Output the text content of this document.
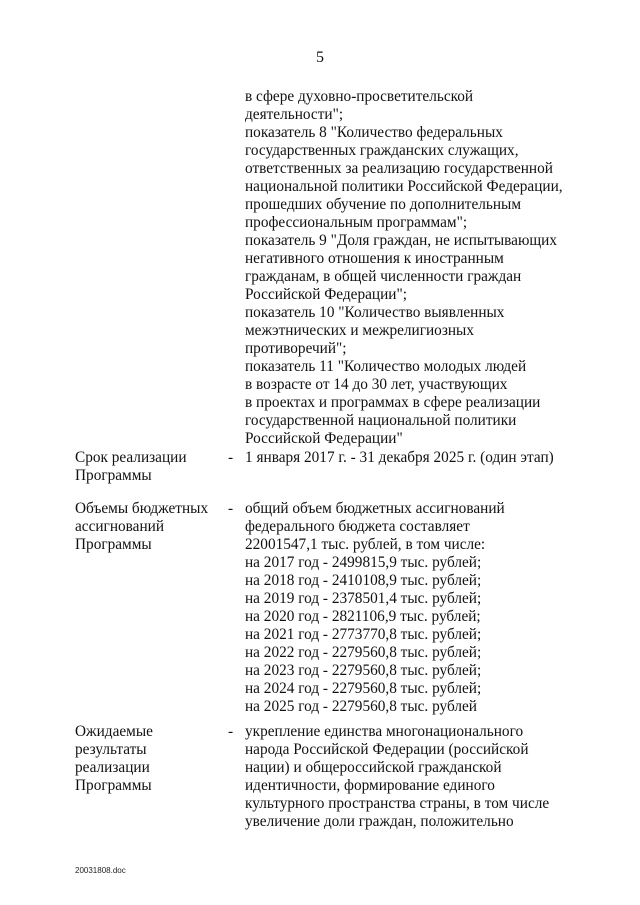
5
в сфере духовно-просветительской
деятельности";
показатель 8 "Количество федеральных
государственных гражданских служащих,
ответственных за реализацию государственной
национальной политики Российской Федерации,
прошедших обучение по дополнительным
профессиональным программам";
показатель 9 "Доля граждан, не испытывающих
негативного отношения к иностранным
гражданам, в общей численности граждан
Российской Федерации";
показатель 10 "Количество выявленных
межэтнических и межрелигиозных
противоречий";
показатель 11 "Количество молодых людей
в возрасте от 14 до 30 лет, участвующих
в проектах и программах в сфере реализации
государственной национальной политики
Российской Федерации"
Срок реализации
Программы
- 1 января 2017 г. - 31 декабря 2025 г. (один этап)
Объемы бюджетных
ассигнований
Программы
- общий объем бюджетных ассигнований
федерального бюджета составляет
22001547,1 тыс. рублей, в том числе:
на 2017 год - 2499815,9 тыс. рублей;
на 2018 год - 2410108,9 тыс. рублей;
на 2019 год - 2378501,4 тыс. рублей;
на 2020 год - 2821106,9 тыс. рублей;
на 2021 год - 2773770,8 тыс. рублей;
на 2022 год - 2279560,8 тыс. рублей;
на 2023 год - 2279560,8 тыс. рублей;
на 2024 год - 2279560,8 тыс. рублей;
на 2025 год - 2279560,8 тыс. рублей
Ожидаемые
результаты
реализации
Программы
- укрепление единства многонационального
народа Российской Федерации (российской
нации) и общероссийской гражданской
идентичности, формирование единого
культурного пространства страны, в том числе
увеличение доли граждан, положительно
20031808.doc
